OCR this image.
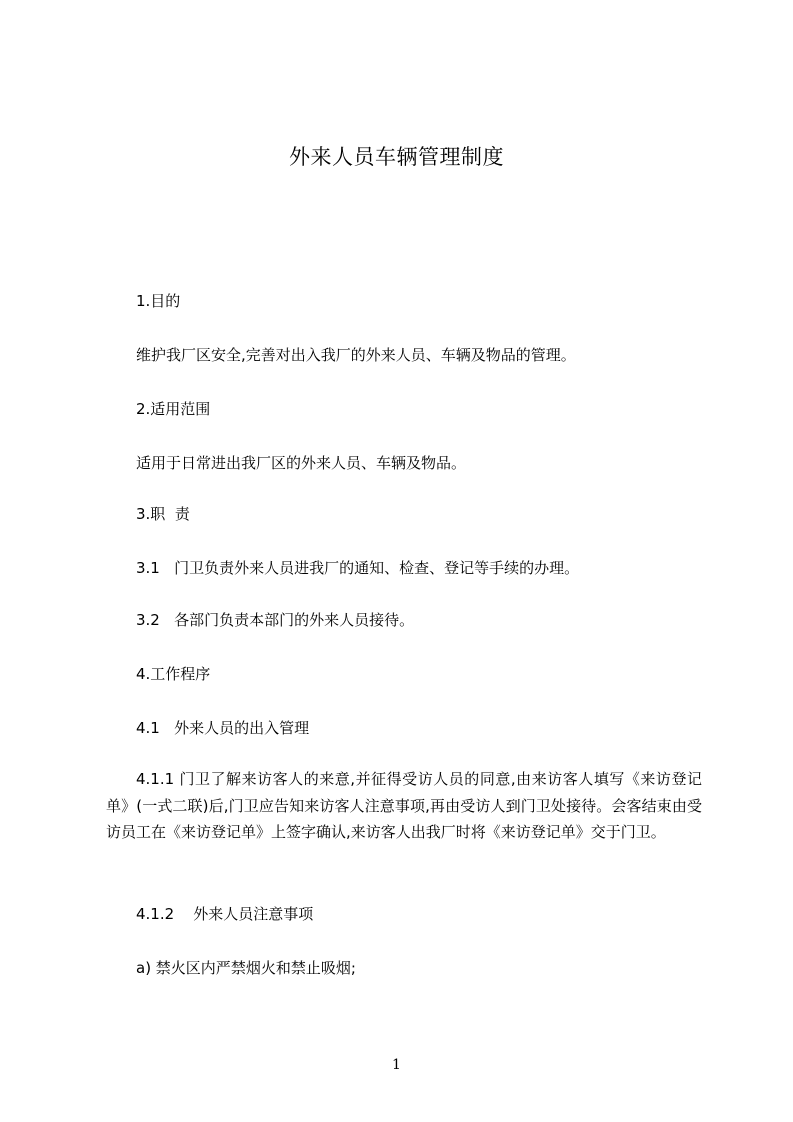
外来人员车辆管理制度
1.目的
维护我厂区安全,完善对出入我厂的外来人员、车辆及物品的管理。
2.适用范围
适用于日常进出我厂区的外来人员、车辆及物品。
3.职  责
3.1   门卫负责外来人员进我厂的通知、检查、登记等手续的办理。
3.2   各部门负责本部门的外来人员接待。
4.工作程序
4.1   外来人员的出入管理
4.1.1 门卫了解来访客人的来意,并征得受访人员的同意,由来访客人填写《来访登记单》(一式二联)后,门卫应告知来访客人注意事项,再由受访人到门卫处接待。会客结束由受访员工在《来访登记单》上签字确认,来访客人出我厂时将《来访登记单》交于门卫。
4.1.2    外来人员注意事项
a) 禁火区内严禁烟火和禁止吸烟;
1
